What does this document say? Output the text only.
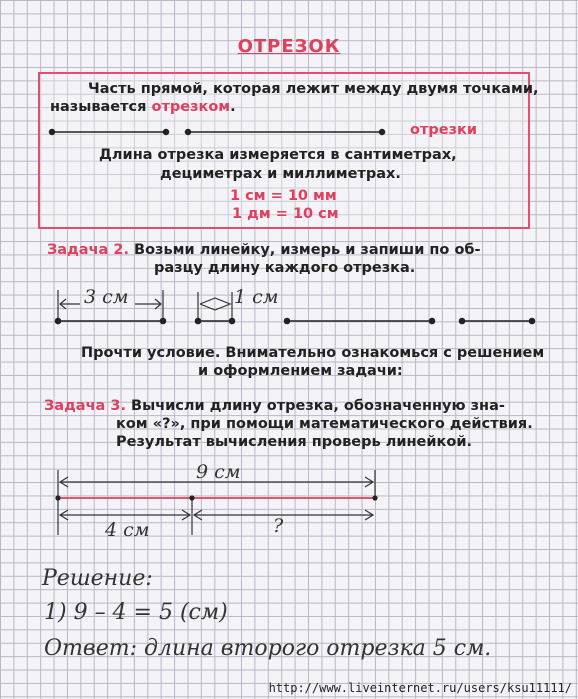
ОТРЕЗОК
Часть прямой, которая лежит между двумя точками,
называется отрезком.
отрезки
Длина отрезка измеряется в сантиметрах,
дециметрах и миллиметрах.
1 см = 10 мм
1 дм = 10 см
Задача 2. Возьми линейку, измерь и запиши по об-
разцу длину каждого отрезка.
3 см	1 см
Прочти условие. Внимательно ознакомься с решением
и оформлением задачи:
Задача 3. Вычисли длину отрезка, обозначенную зна-
ком «?», при помощи математического действия.
Результат вычисления проверь линейкой.
9 см
4 см	?
Решение:
1) 9 – 4 = 5 (см)
Ответ: длина второго отрезка 5 см.
http://www.liveinternet.ru/users/ksu11111/
